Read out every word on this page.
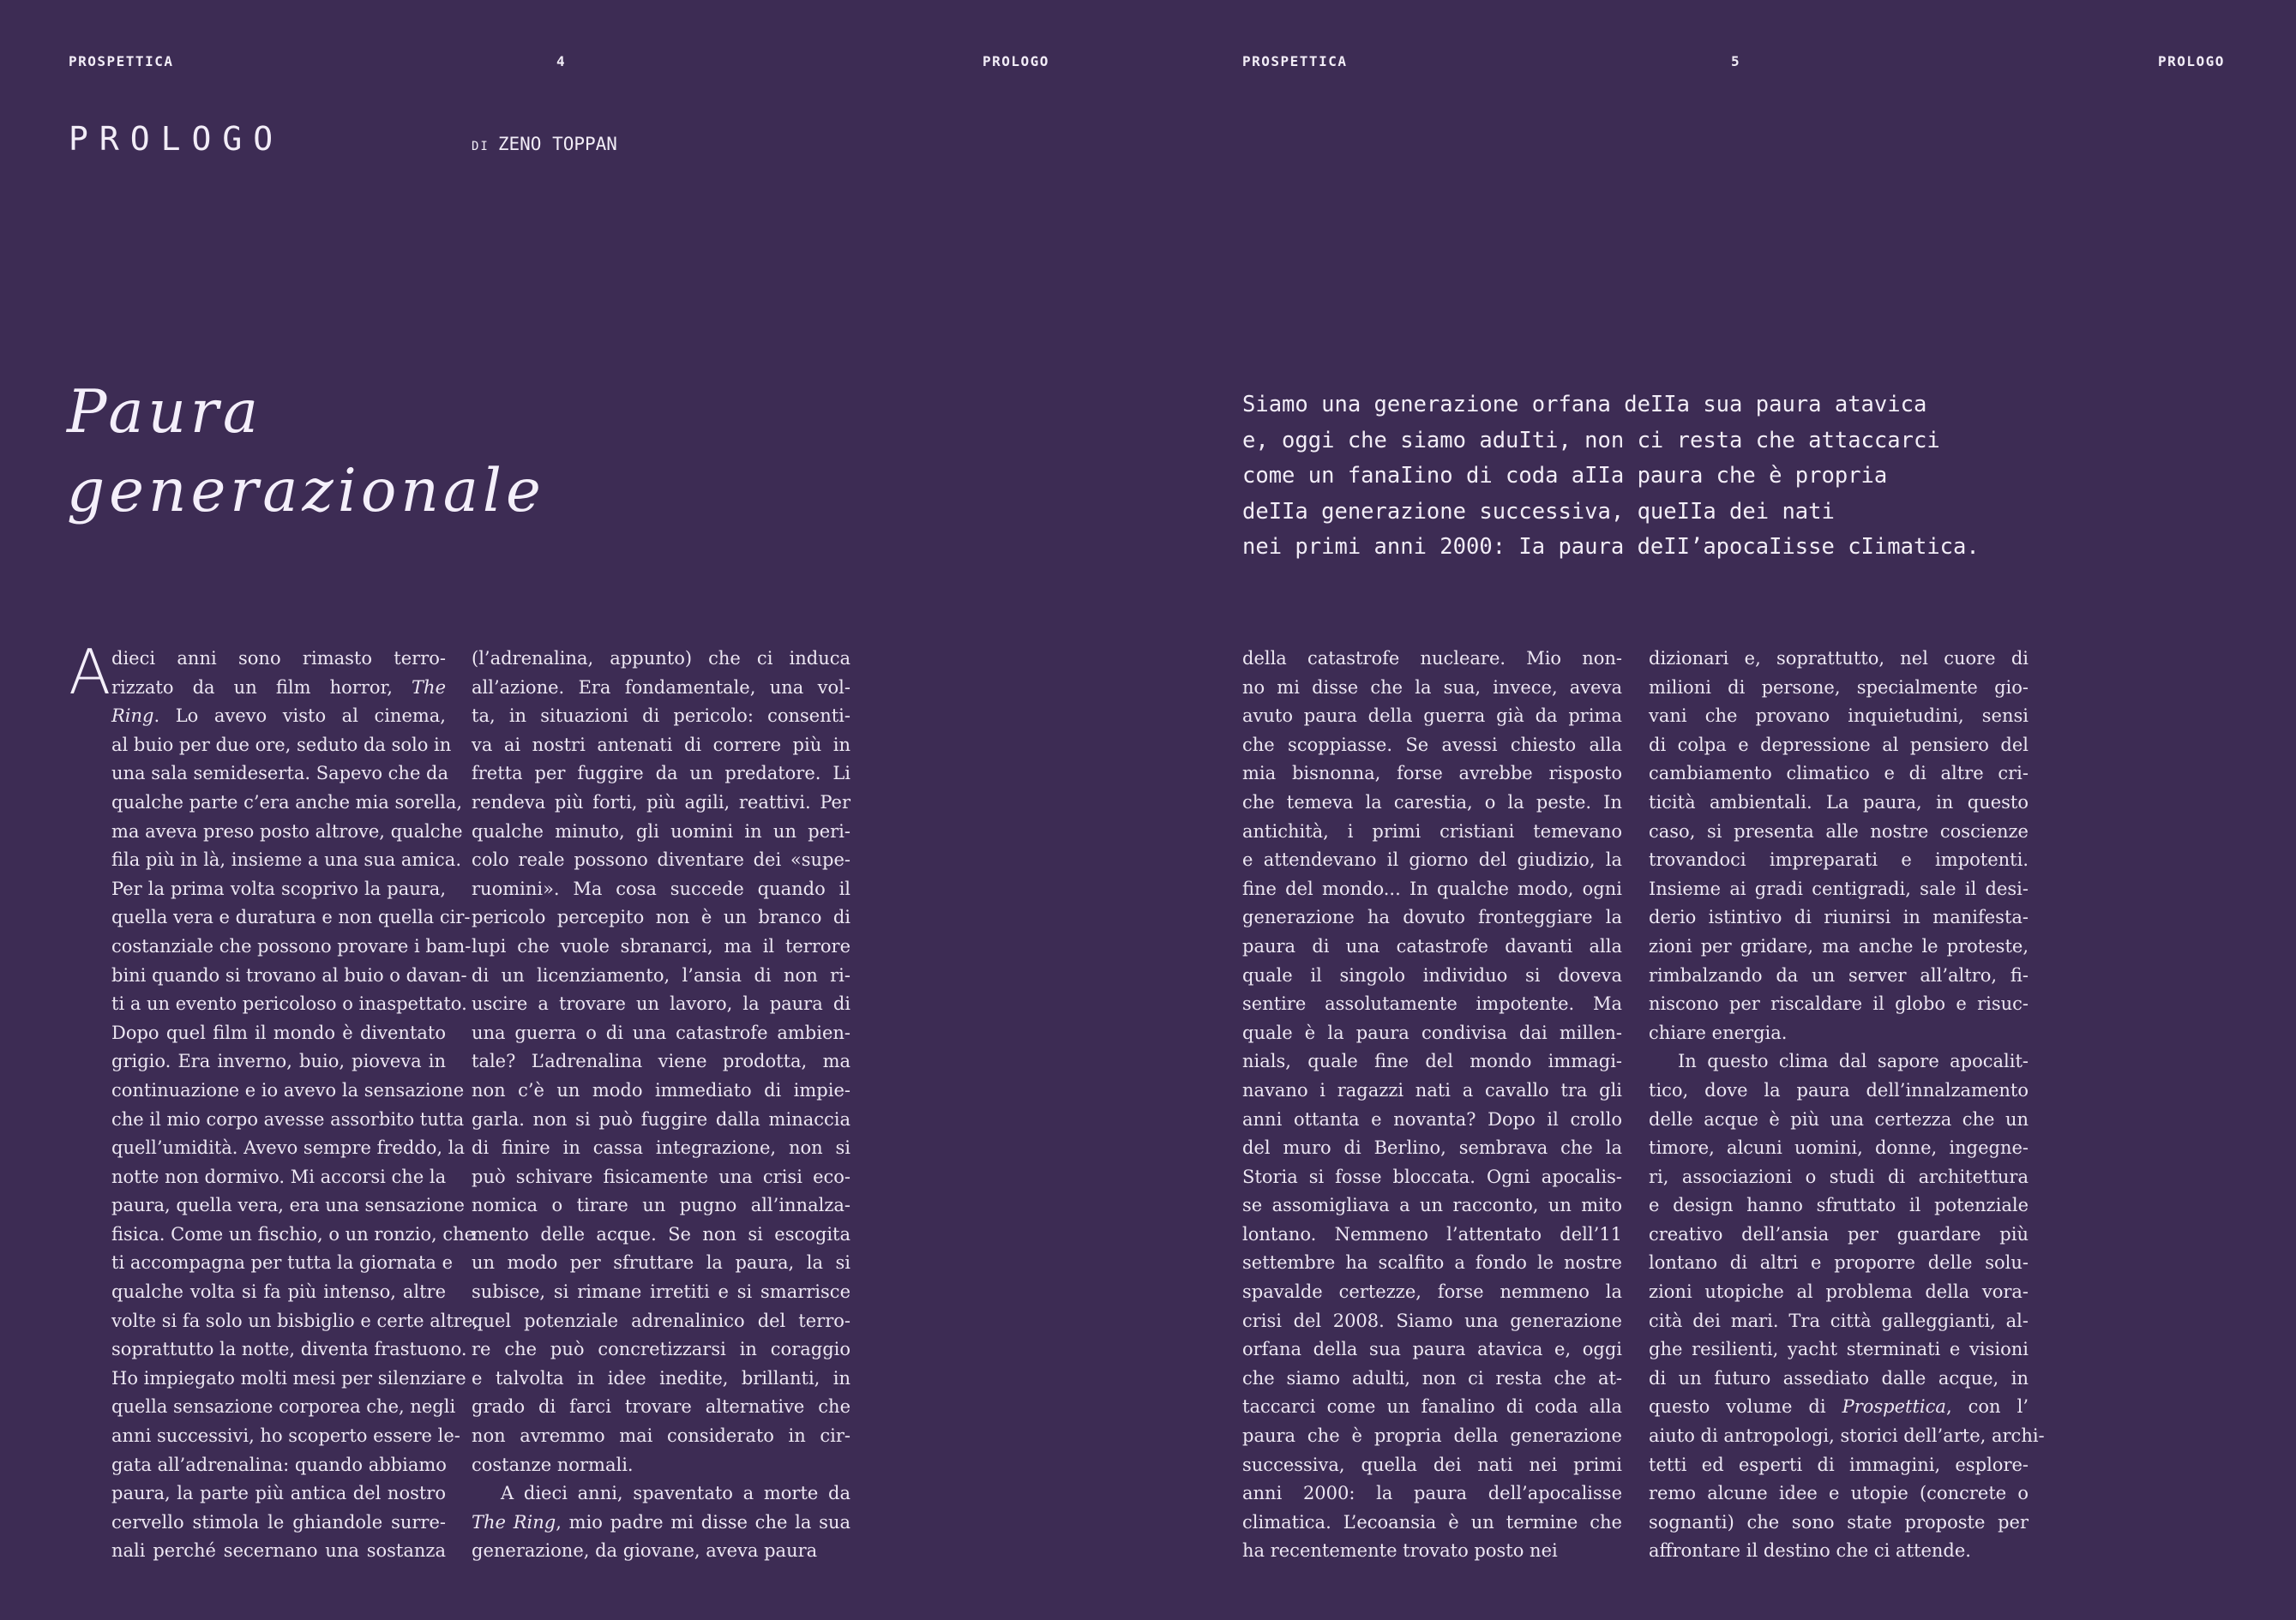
PROSPETTICA	4	PROLOGO
PROLOGO	DI ZENO TOPPAN
Paura
generazionale
A dieci anni sono rimasto terro-
rizzato da un film horror, The
Ring. Lo avevo visto al cinema,
al buio per due ore, seduto da solo in
una sala semideserta. Sapevo che da
qualche parte c’era anche mia sorella,
ma aveva preso posto altrove, qualche
fila più in là, insieme a una sua amica.
Per la prima volta scoprivo la paura,
quella vera e duratura e non quella cir-
costanziale che possono provare i bam-
bini quando si trovano al buio o davan-
ti a un evento pericoloso o inaspettato.
Dopo quel film il mondo è diventato
grigio. Era inverno, buio, pioveva in
continuazione e io avevo la sensazione
che il mio corpo avesse assorbito tutta
quell’umidità. Avevo sempre freddo, la
notte non dormivo. Mi accorsi che la
paura, quella vera, era una sensazione
fisica. Come un fischio, o un ronzio, che
ti accompagna per tutta la giornata e
qualche volta si fa più intenso, altre
volte si fa solo un bisbiglio e certe altre,
soprattutto la notte, diventa frastuono.
Ho impiegato molti mesi per silenziare
quella sensazione corporea che, negli
anni successivi, ho scoperto essere le-
gata all’adrenalina: quando abbiamo
paura, la parte più antica del nostro
cervello stimola le ghiandole surre-
nali perché secernano una sostanza
(l’adrenalina, appunto) che ci induca
all’azione. Era fondamentale, una vol-
ta, in situazioni di pericolo: consenti-
va ai nostri antenati di correre più in
fretta per fuggire da un predatore. Li
rendeva più forti, più agili, reattivi. Per
qualche minuto, gli uomini in un peri-
colo reale possono diventare dei «supe-
ruomini». Ma cosa succede quando il
pericolo percepito non è un branco di
lupi che vuole sbranarci, ma il terrore
di un licenziamento, l’ansia di non ri-
uscire a trovare un lavoro, la paura di
una guerra o di una catastrofe ambien-
tale? L’adrenalina viene prodotta, ma
non c’è un modo immediato di impie-
garla. non si può fuggire dalla minaccia
di finire in cassa integrazione, non si
può schivare fisicamente una crisi eco-
nomica o tirare un pugno all’innalza-
mento delle acque. Se non si escogita
un modo per sfruttare la paura, la si
subisce, si rimane irretiti e si smarrisce
quel potenziale adrenalinico del terro-
re che può concretizzarsi in coraggio
e talvolta in idee inedite, brillanti, in
grado di farci trovare alternative che
non avremmo mai considerato in cir-
costanze normali.
A dieci anni, spaventato a morte da
The Ring, mio padre mi disse che la sua
generazione, da giovane, aveva paura
PROSPETTICA	5	PROLOGO
Siamo una generazione orfana deIIa sua paura atavica
e, oggi che siamo aduIti, non ci resta che attaccarci
come un fanaIino di coda aIIa paura che è propria
deIIa generazione successiva, queIIa dei nati
nei primi anni 2000: Ia paura deII’apocaIisse cIimatica.
della catastrofe nucleare. Mio non-
no mi disse che la sua, invece, aveva
avuto paura della guerra già da prima
che scoppiasse. Se avessi chiesto alla
mia bisnonna, forse avrebbe risposto
che temeva la carestia, o la peste. In
antichità, i primi cristiani temevano
e attendevano il giorno del giudizio, la
fine del mondo... In qualche modo, ogni
generazione ha dovuto fronteggiare la
paura di una catastrofe davanti alla
quale il singolo individuo si doveva
sentire assolutamente impotente. Ma
quale è la paura condivisa dai millen-
nials, quale fine del mondo immagi-
navano i ragazzi nati a cavallo tra gli
anni ottanta e novanta? Dopo il crollo
del muro di Berlino, sembrava che la
Storia si fosse bloccata. Ogni apocalis-
se assomigliava a un racconto, un mito
lontano. Nemmeno l’attentato dell’11
settembre ha scalfito a fondo le nostre
spavalde certezze, forse nemmeno la
crisi del 2008. Siamo una generazione
orfana della sua paura atavica e, oggi
che siamo adulti, non ci resta che at-
taccarci come un fanalino di coda alla
paura che è propria della generazione
successiva, quella dei nati nei primi
anni 2000: la paura dell’apocalisse
climatica. L’ecoansia è un termine che
ha recentemente trovato posto nei
dizionari e, soprattutto, nel cuore di
milioni di persone, specialmente gio-
vani che provano inquietudini, sensi
di colpa e depressione al pensiero del
cambiamento climatico e di altre cri-
ticità ambientali. La paura, in questo
caso, si presenta alle nostre coscienze
trovandoci impreparati e impotenti.
Insieme ai gradi centigradi, sale il desi-
derio istintivo di riunirsi in manifesta-
zioni per gridare, ma anche le proteste,
rimbalzando da un server all’altro, fi-
niscono per riscaldare il globo e risuc-
chiare energia.
In questo clima dal sapore apocalit-
tico, dove la paura dell’innalzamento
delle acque è più una certezza che un
timore, alcuni uomini, donne, ingegne-
ri, associazioni o studi di architettura
e design hanno sfruttato il potenziale
creativo dell’ansia per guardare più
lontano di altri e proporre delle solu-
zioni utopiche al problema della vora-
cità dei mari. Tra città galleggianti, al-
ghe resilienti, yacht sterminati e visioni
di un futuro assediato dalle acque, in
questo volume di Prospettica, con l’
aiuto di antropologi, storici dell’arte, archi-
tetti ed esperti di immagini, esplore-
remo alcune idee e utopie (concrete o
sognanti) che sono state proposte per
affrontare il destino che ci attende.
